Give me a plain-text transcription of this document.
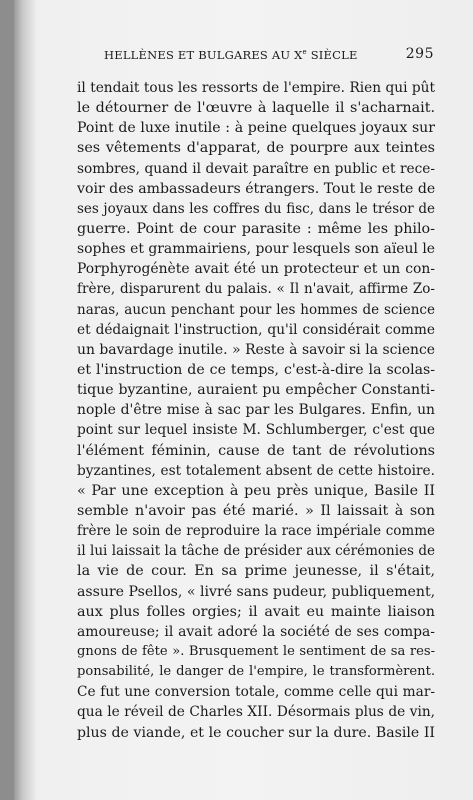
HELLÈNES ET BULGARES AU Xe SIÈCLE	295
il tendait tous les ressorts de l'empire. Rien qui pût
le détourner de l'œuvre à laquelle il s'acharnait.
Point de luxe inutile : à peine quelques joyaux sur
ses vêtements d'apparat, de pourpre aux teintes
sombres, quand il devait paraître en public et rece-
voir des ambassadeurs étrangers. Tout le reste de
ses joyaux dans les coffres du fisc, dans le trésor de
guerre. Point de cour parasite : même les philo-
sophes et grammairiens, pour lesquels son aïeul le
Porphyrogénète avait été un protecteur et un con-
frère, disparurent du palais. « Il n'avait, affirme Zo-
naras, aucun penchant pour les hommes de science
et dédaignait l'instruction, qu'il considérait comme
un bavardage inutile. » Reste à savoir si la science
et l'instruction de ce temps, c'est-à-dire la scolas-
tique byzantine, auraient pu empêcher Constanti-
nople d'être mise à sac par les Bulgares. Enfin, un
point sur lequel insiste M. Schlumberger, c'est que
l'élément féminin, cause de tant de révolutions
byzantines, est totalement absent de cette histoire.
« Par une exception à peu près unique, Basile II
semble n'avoir pas été marié. » Il laissait à son
frère le soin de reproduire la race impériale comme
il lui laissait la tâche de présider aux cérémonies de
la vie de cour. En sa prime jeunesse, il s'était,
assure Psellos, « livré sans pudeur, publiquement,
aux plus folles orgies; il avait eu mainte liaison
amoureuse; il avait adoré la société de ses compa-
gnons de fête ». Brusquement le sentiment de sa res-
ponsabilité, le danger de l'empire, le transformèrent.
Ce fut une conversion totale, comme celle qui mar-
qua le réveil de Charles XII. Désormais plus de vin,
plus de viande, et le coucher sur la dure. Basile II
